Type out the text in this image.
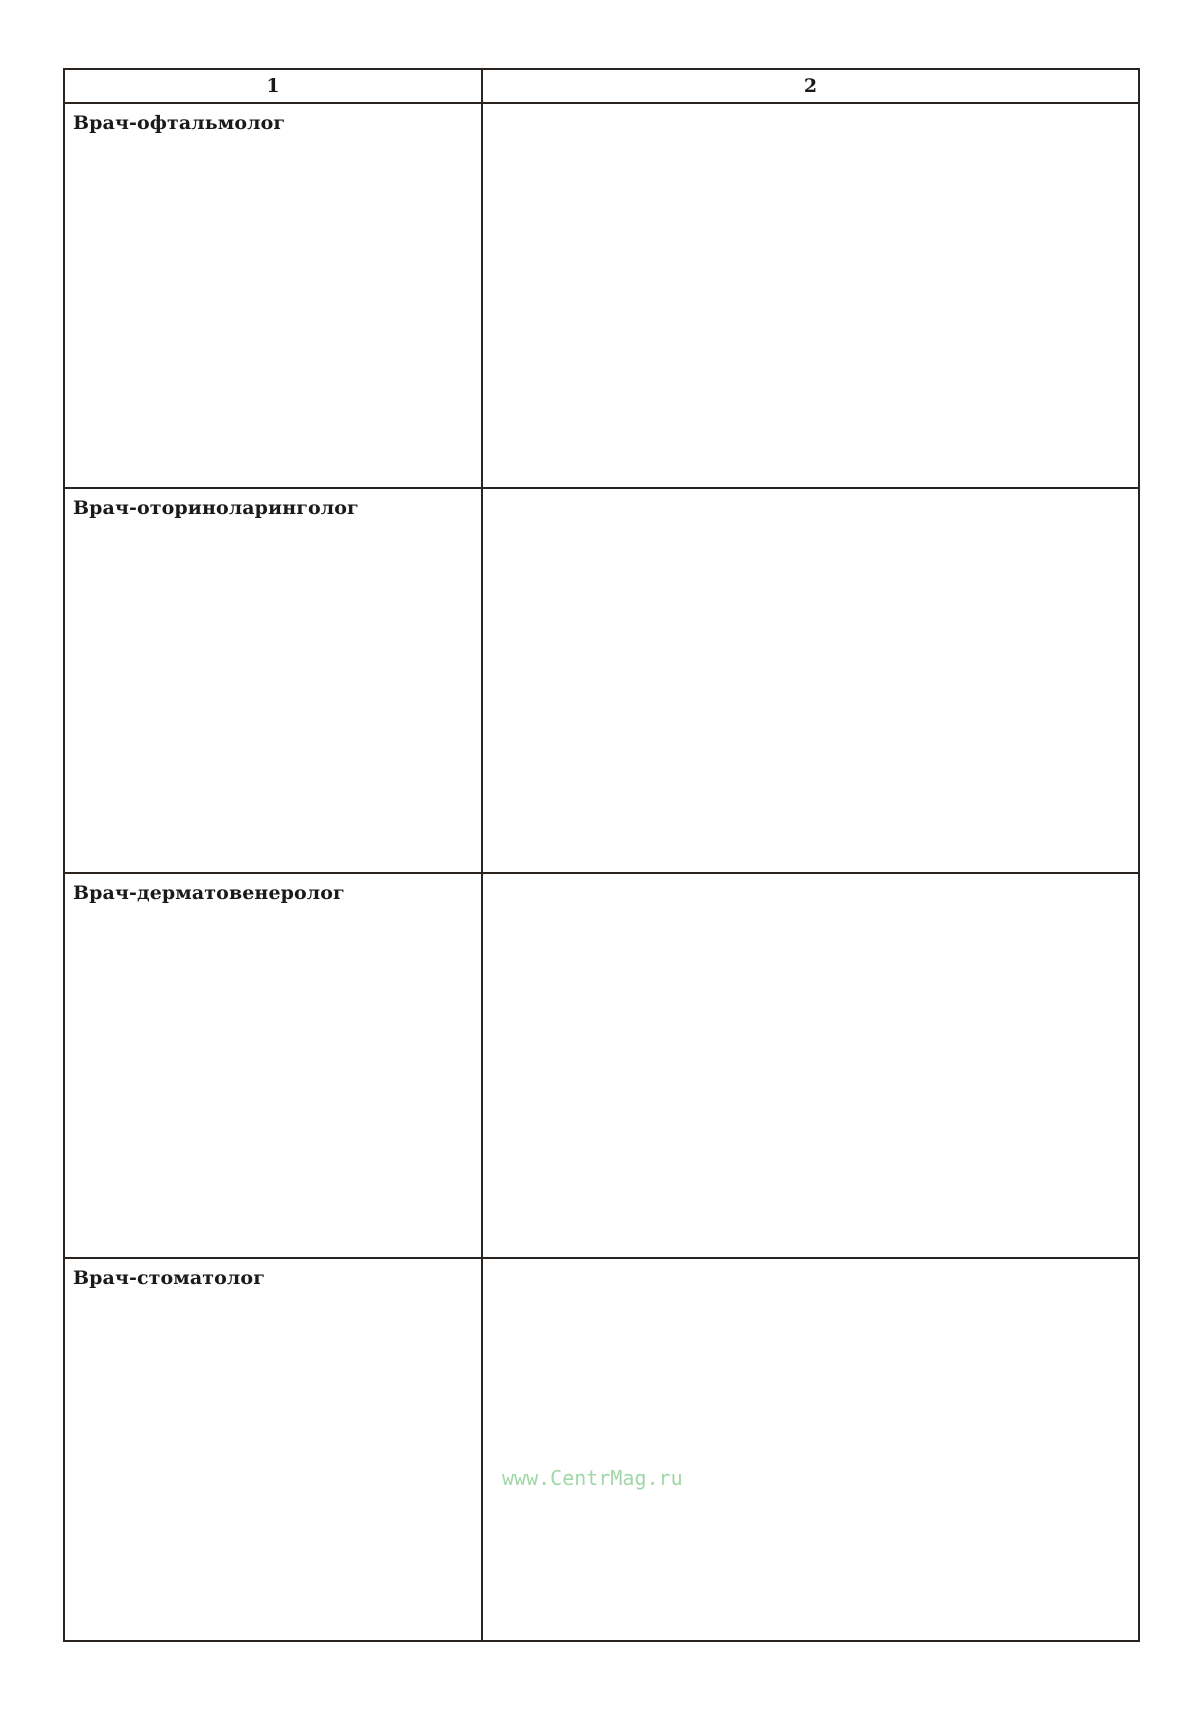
1	2

Врач-офтальмолог	

Врач-оториноларинголог	

Врач-дерматовенеролог	

Врач-стоматолог	

www.CentrMag.ru
